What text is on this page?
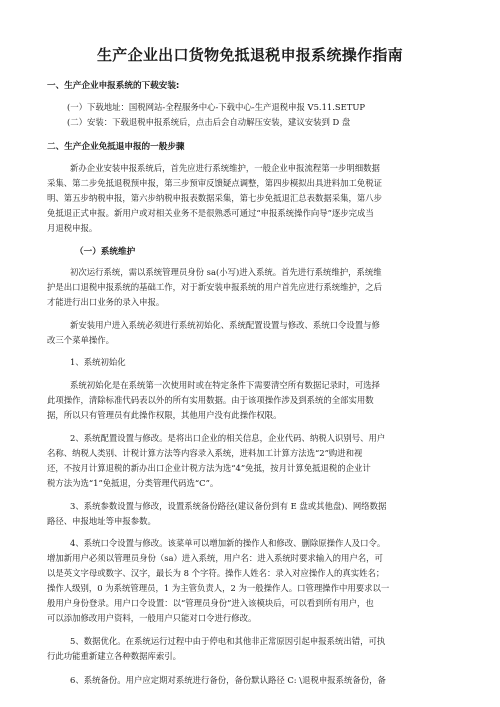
生产企业出口货物免抵退税申报系统操作指南

一、生产企业申报系统的下载安装:

(一）下载地址：国税网站-全程服务中心-下载中心-生产退税申报 V5.11.SETUP

(二）安装：下载退税申报系统后，点击后会自动解压安装，建议安装到 D 盘

二、生产企业免抵退申报的一般步骤

新办企业安装申报系统后，首先应进行系统维护，一般企业申报流程第一步明细数据

采集、第二步免抵退税预申报，第三步预审反馈疑点调整，第四步模拟出具进料加工免税证

明、第五步纳税申报，第六步纳税申报表数据采集，第七步免抵退汇总表数据采集，第八步

免抵退正式申报。新用户或对相关业务不是很熟悉可通过“申报系统操作向导”逐步完成当

月退税申报。

（一）系统维护

初次运行系统，需以系统管理员身份 sa(小写)进入系统。首先进行系统维护，系统维

护是出口退税申报系统的基础工作，对于新安装申报系统的用户首先应进行系统维护，之后

才能进行出口业务的录入申报。

新安装用户进入系统必须进行系统初始化、系统配置设置与修改、系统口令设置与修

改三个菜单操作。

1、系统初始化

系统初始化是在系统第一次使用时或在特定条件下需要清空所有数据记录时，可选择

此项操作，清除标准代码表以外的所有实用数据。由于该项操作涉及到系统的全部实用数

据，所以只有管理员有此操作权限，其他用户没有此操作权限。

2、系统配置设置与修改。是将出口企业的相关信息，企业代码、纳税人识别号、用户

名称、纳税人类别、计税计算方法等内容录入系统，进料加工计算方法选“2”购进和视

还，不按月计算退税的新办出口企业计税方法为选“4”免抵，按月计算免抵退税的企业计

税方法为选“1”免抵退，分类管理代码选“C”。

3、系统参数设置与修改，设置系统备份路径(建议备份到有 E 盘或其他盘)、网络数据

路径、申报地址等申报参数。

4、系统口令设置与修改。该菜单可以增加新的操作人和修改、删除原操作人及口令。

增加新用户必须以管理员身份（sa）进入系统，用户名：进入系统时要求输入的用户名，可

以是英文字母或数字、汉字，最长为 8 个字符。操作人姓名：录入对应操作人的真实姓名；

操作人级别，0 为系统管理员，1 为主管负责人，2 为一般操作人。口管理操作中用要求以一

般用户身份登录。用户口令设置：以“管理员身份”进入该模块后，可以看到所有用户，也

可以添加修改用户资料，一般用户只能对口令进行修改。

5、数据优化。在系统运行过程中由于停电和其他非正常原因引起申报系统出错，可执

行此功能重新建立各种数据库索引。

6、系统备份。用户应定期对系统进行备份，备份默认路径 C: \退税申报系统备份，备
